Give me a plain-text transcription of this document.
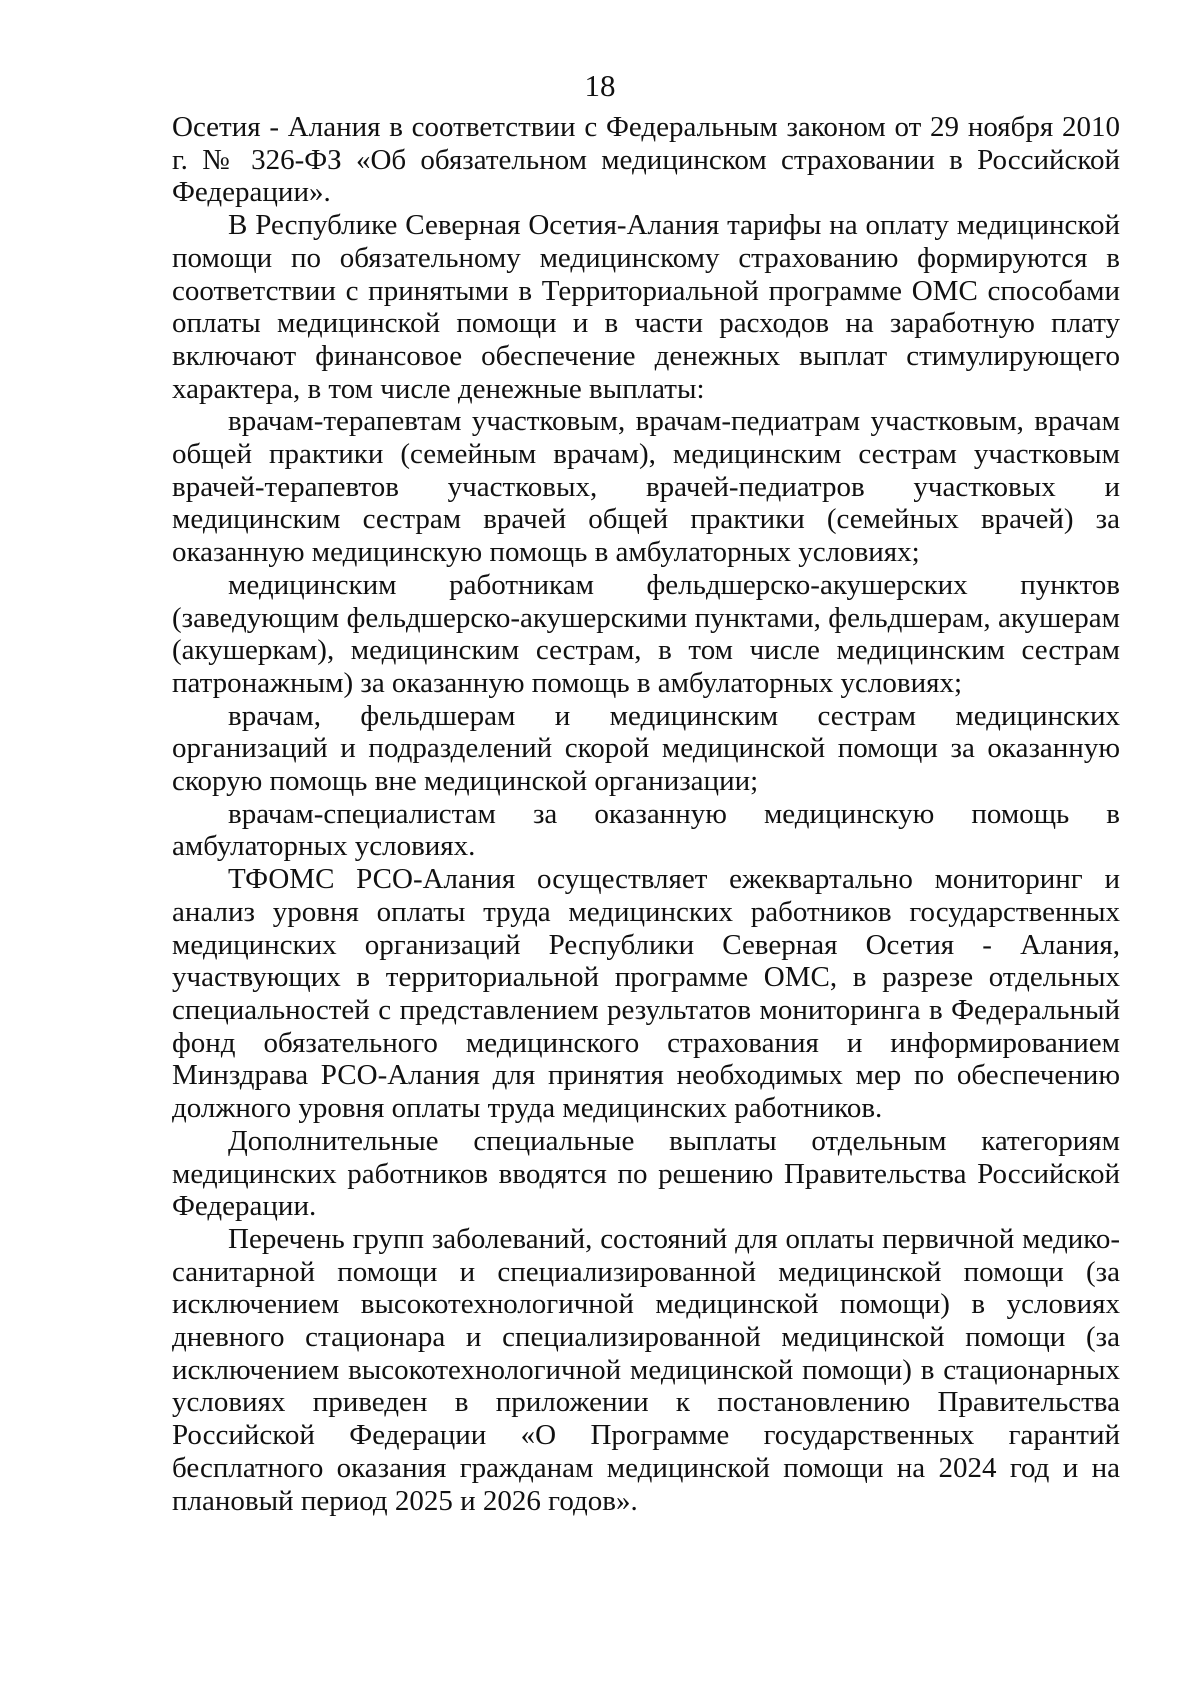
18

Осетия - Алания в соответствии с Федеральным законом от 29 ноября 2010 г. № 326-ФЗ «Об обязательном медицинском страховании в Российской Федерации».

В Республике Северная Осетия-Алания тарифы на оплату медицинской помощи по обязательному медицинскому страхованию формируются в соответствии с принятыми в Территориальной программе ОМС способами оплаты медицинской помощи и в части расходов на заработную плату включают финансовое обеспечение денежных выплат стимулирующего характера, в том числе денежные выплаты:

врачам-терапевтам участковым, врачам-педиатрам участковым, врачам общей практики (семейным врачам), медицинским сестрам участковым врачей-терапевтов участковых, врачей-педиатров участковых и медицинским сестрам врачей общей практики (семейных врачей) за оказанную медицинскую помощь в амбулаторных условиях;

медицинским работникам фельдшерско-акушерских пунктов (заведующим фельдшерско-акушерскими пунктами, фельдшерам, акушерам (акушеркам), медицинским сестрам, в том числе медицинским сестрам патронажным) за оказанную помощь в амбулаторных условиях;

врачам, фельдшерам и медицинским сестрам медицинских организаций и подразделений скорой медицинской помощи за оказанную скорую помощь вне медицинской организации;

врачам-специалистам за оказанную медицинскую помощь в амбулаторных условиях.

ТФОМС РСО-Алания осуществляет ежеквартально мониторинг и анализ уровня оплаты труда медицинских работников государственных медицинских организаций Республики Северная Осетия - Алания, участвующих в территориальной программе ОМС, в разрезе отдельных специальностей с представлением результатов мониторинга в Федеральный фонд обязательного медицинского страхования и информированием Минздрава РСО-Алания для принятия необходимых мер по обеспечению должного уровня оплаты труда медицинских работников.

Дополнительные специальные выплаты отдельным категориям медицинских работников вводятся по решению Правительства Российской Федерации.

Перечень групп заболеваний, состояний для оплаты первичной медико-санитарной помощи и специализированной медицинской помощи (за исключением высокотехнологичной медицинской помощи) в условиях дневного стационара и специализированной медицинской помощи (за исключением высокотехнологичной медицинской помощи) в стационарных условиях приведен в приложении к постановлению Правительства Российской Федерации «О Программе государственных гарантий бесплатного оказания гражданам медицинской помощи на 2024 год и на плановый период 2025 и 2026 годов».
